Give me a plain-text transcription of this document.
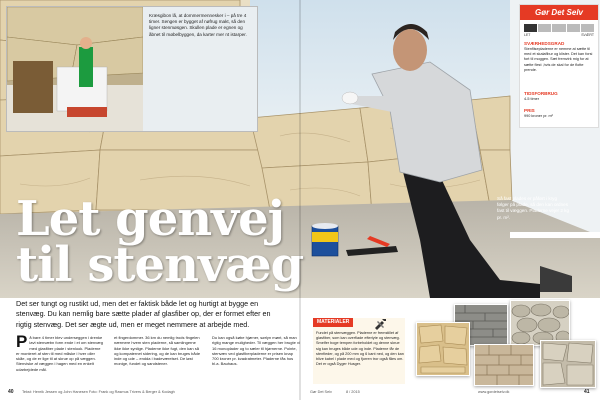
Kræsgibon lå, at dommermennesker i – på tre 4 timer. Sengen er bygget af nøfrug makt, så den ligner stenmøsgen. Skullen plade er egnen og åbnet til møbelbyggen, da karter mer nt istarper.
Let genvej
til stenvæg
Så fast plades er påført i kryg følger på plade, så den kan ordnes fast til væggen. Pladerne vejer 2 kg pr. m².
Gør Det Selv
LET	SVÆRT
SVÆRHEDSGRAD
Stenflisepladerne er nemme at sætte til med et skalafibur og klister. Det kan forsi fort til moggen. Sæt fremvirk mig for at sætte flest ,hvis de skal for de flotte prende.
TIDSFORBRUG
4-5 timer
PRIS
990 kroner pr. m²
Det ser tungt og rustikt ud, men det er faktisk både let og hurtigt at bygge en stenvæg. Du kan nemlig bare sætte plader af glasfiber op, der er formet efter en rigtig stenvæg. Det ser ægte ud, men er meget nemmere at arbejde med.
P å bare 4 timer blev underseggen i drenke lavt stenvæbn form ende i et om stenvæg med glasfiber plade i stenlook. Pladerne er monteret af sten til med måske i hver oller skåe, og de er lige til at skrue op på væggen. Stenviske af væggen i hagen med en enkelt udarbejdede mål.
et fingerdommer. 36 km du nemlig trods fingelen nærmere hvem sten pladerne, så samlingerne ikke ikke synlige. Pladerne ikke fugt, den kan så og kompaternet sidering, og de kan bruges både inde og ude – endda i badeværelset. De løst monige, fundet og sandstener.
Du kan også købe hjørner, sørlyn mønt, så man rigtig mange muligheder. Til væggen her brugte vi 16 monoplader og to sæler til hjørnerne. Pointe, stenvæv ved glasfiberpladerne er prisen knap 700 kroner pr. kvadratmeter. Pladerne fås hos bl.a. Bauhaus.
MATERIALER
Fundet på stenvæggen. Pladerne er fremstillet af glasfiber, som kan overflade efterlyte og stenvæg. Smelfer boge tempen forbeholdet og denne skrue sig kan bruges både ude og inde. Pladerne får de stenfieder, og på 200 mm og 6 kant ned, og den kan blive kabel i plade med og fjorren tror også fåes om. Det er også Dyger Husger.
40 Tekst: Henrik Jessen og John Hanesen Foto: Frank og Rasmus Trivers & Berger & Kodagh	Gør Det Selv	8 / 2015	www.gordetselv.dk	41
